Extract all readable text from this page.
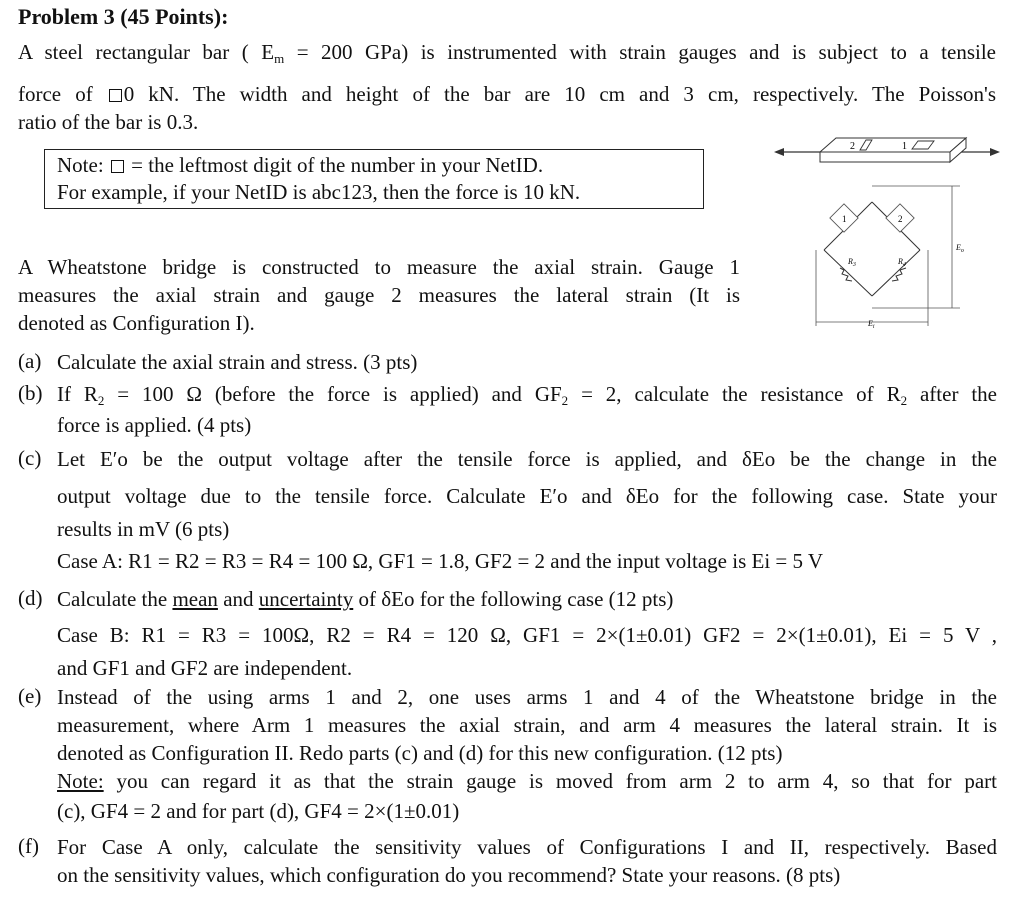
Problem 3 (45 Points):
A steel rectangular bar ( $E_m = 200$ GPa) is instrumented with strain gauges and is subject to a tensile
force of 0 kN. The width and height of the bar are 10 cm and 3 cm, respectively. The Poisson's
ratio of the bar is 0.3.
Note:  = the leftmost digit of the number in your NetID.
For example, if your NetID is abc123, then the force is 10 kN.
2	1
1	2
$R_3$	$R_4$
$E_o$
$E_i$
A Wheatstone bridge is constructed to measure the axial strain. Gauge 1
measures the axial strain and gauge 2 measures the lateral strain (It is
denoted as Configuration I).
(a) Calculate the axial strain and stress. (3 pts)
(b) If $R_2 = 100$ Ω (before the force is applied) and $GF_2 = 2$, calculate the resistance of $R_2$ after the
force is applied. (4 pts)
(c) Let E′o be the output voltage after the tensile force is applied, and δEo be the change in the
output voltage due to the tensile force. Calculate E′o and δEo for the following case. State your
results in mV (6 pts)
Case A: R1 = R2 = R3 = R4 = 100 Ω, GF1 = 1.8, GF2 = 2 and the input voltage is Ei = 5 V
(d) Calculate the mean and uncertainty of δEo for the following case (12 pts)
Case B: R1 = R3 = 100Ω, R2 = R4 = 120 Ω, GF1 = 2×(1±0.01) GF2 = 2×(1±0.01), Ei = 5 V ,
and GF1 and GF2 are independent.
(e) Instead of the using arms 1 and 2, one uses arms 1 and 4 of the Wheatstone bridge in the
measurement, where Arm 1 measures the axial strain, and arm 4 measures the lateral strain. It is
denoted as Configuration II. Redo parts (c) and (d) for this new configuration. (12 pts)
Note: you can regard it as that the strain gauge is moved from arm 2 to arm 4, so that for part
(c), GF4 = 2 and for part (d), GF4 = 2×(1±0.01)
(f) For Case A only, calculate the sensitivity values of Configurations I and II, respectively. Based
on the sensitivity values, which configuration do you recommend? State your reasons. (8 pts)
